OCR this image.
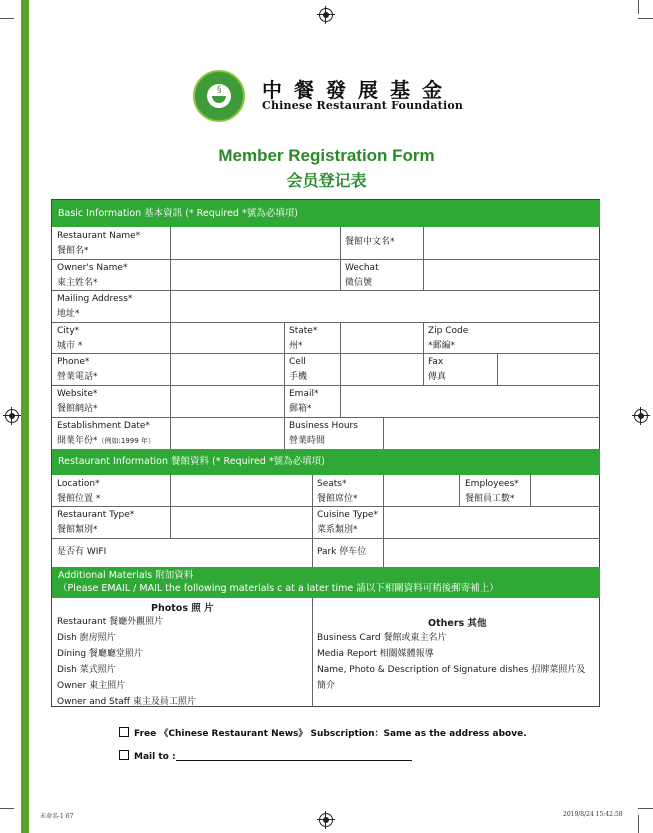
§ 中餐發展基金
Chinese Restaurant Foundation
Member Registration Form
会员登记表
Basic Information 基本資訊 (* Required *號為必填項)
Restaurant Information 餐館資料 (* Required *號為必填項)
Additional Materials 附加資料
（Please EMAIL / MAIL the following materials c at a later time 請以下相關資料可稍後郵寄補上）
Restaurant Name*
餐館名*
餐館中文名*
Owner's Name*
東主姓名*
Wechat
微信號
Mailing Address*
地址*
City*
城市 *
State*
州*
Zip Code
*郵編*
Phone*
營業電話*
Cell
手機
Fax
傳真
Website*
餐館網站*
Email*
郵箱*
Establishment Date*
開業年份*（例如:1999 年）
Business Hours
營業時間
Location*
餐館位置 *
Seats*
餐館席位*
Employees*
餐館員工數*
Restaurant Type*
餐館類別*
Cuisine Type*
菜系類別*
是否有 WIFI	Park 停车位
Photos 照 片
Restaurant 餐廳外觀照片
Dish 廚房照片
Dining 餐廳廳堂照片
Dish 菜式照片
Owner 東主照片
Owner and Staff 東主及員工照片
Others 其他
Business Card 餐館或東主名片
Media Report 相關媒體報導
Name, Photo & Description of Signature dishes 招牌菜照片及
簡介
Free 《Chinese Restaurant News》 Subscription：Same as the address above.
Mail to :
未命名-1 67	2019/8/24 15:42:58
